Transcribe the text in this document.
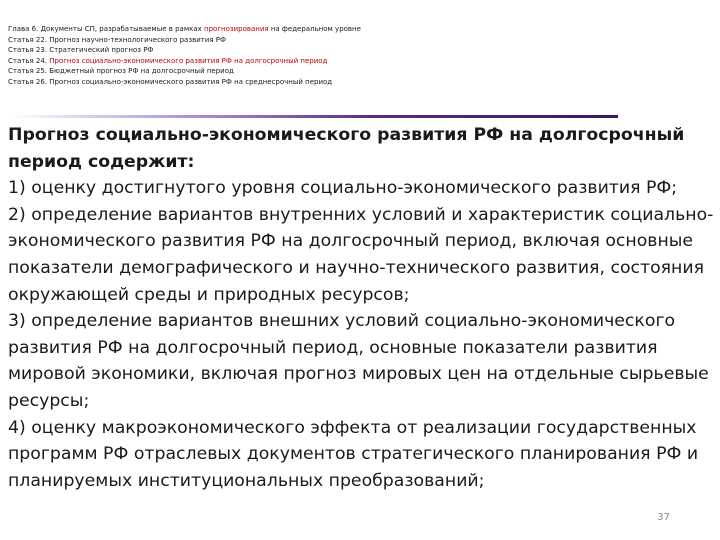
Глава 6. Документы СП, разрабатываемые в рамках прогнозирования на федеральном уровне
Статья 22. Прогноз научно-технологического развития РФ
Статья 23. Стратегический прогноз РФ
Статья 24. Прогноз социально-экономического развития РФ на долгосрочный период
Статья 25. Бюджетный прогноз РФ на долгосрочный период
Статья 26. Прогноз социально-экономического развития РФ на среднесрочный период
Прогноз социально-экономического развития РФ на долгосрочный период содержит:
1) оценку достигнутого уровня социально-экономического развития РФ;
2) определение вариантов внутренних условий и характеристик социально-экономического развития РФ на долгосрочный период, включая основные показатели демографического и научно-технического развития, состояния окружающей среды и природных ресурсов;
3) определение вариантов внешних условий социально-экономического развития РФ на долгосрочный период, основные показатели развития мировой экономики, включая прогноз мировых цен на отдельные сырьевые ресурсы;
4) оценку макроэкономического эффекта от реализации государственных программ РФ отраслевых документов стратегического планирования РФ и планируемых институциональных преобразований;
37
